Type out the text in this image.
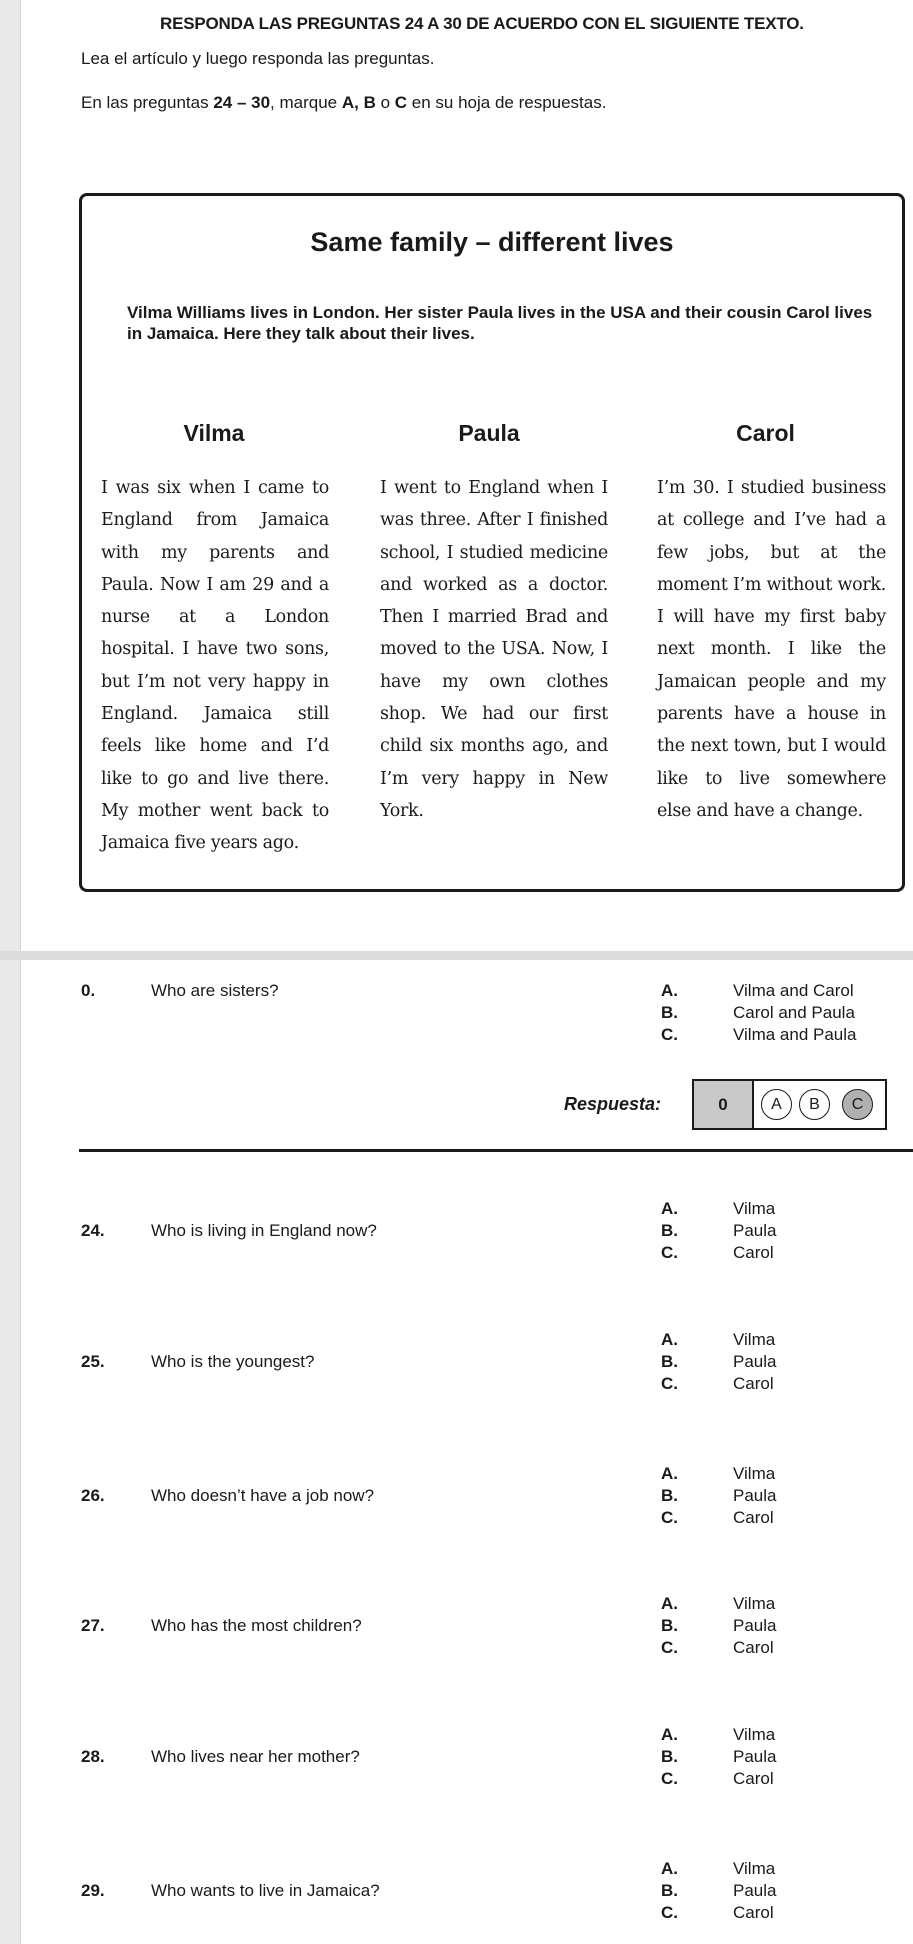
RESPONDA LAS PREGUNTAS 24 A 30 DE ACUERDO CON EL SIGUIENTE TEXTO.
Lea el artículo y luego responda las preguntas.
En las preguntas 24 – 30, marque A, B o C en su hoja de respuestas.
Same family – different lives
Vilma Williams lives in London. Her sister Paula lives in the USA and their cousin Carol lives in Jamaica. Here they talk about their lives.
Vilma	Paula	Carol
I was six when I came to England from Jamaica with my parents and Paula. Now I am 29 and a nurse at a London hospital. I have two sons, but I’m not very happy in England. Jamaica still feels like home and I’d like to go and live there. My mother went back to Jamaica five years ago.
I went to England when I was three. After I finished school, I studied medicine and worked as a doctor. Then I married Brad and moved to the USA. Now, I have my own clothes shop. We had our first child six months ago, and I’m very happy in New York.
I’m 30. I studied business at college and I’ve had a few jobs, but at the moment I’m without work. I will have my first baby next month. I like the Jamaican people and my parents have a house in the next town, but I would like to live somewhere else and have a change.
0.	Who are sisters?	A.	Vilma and Carol
B.	Carol and Paula
C.	Vilma and Paula
Respuesta:	0	A	B	C
24.	Who is living in England now?
A.	Vilma
B.	Paula
C.	Carol
25.	Who is the youngest?
A.	Vilma
B.	Paula
C.	Carol
26.	Who doesn’t have a job now?
A.	Vilma
B.	Paula
C.	Carol
27.	Who has the most children?
A.	Vilma
B.	Paula
C.	Carol
28.	Who lives near her mother?
A.	Vilma
B.	Paula
C.	Carol
29.	Who wants to live in Jamaica?
A.	Vilma
B.	Paula
C.	Carol
